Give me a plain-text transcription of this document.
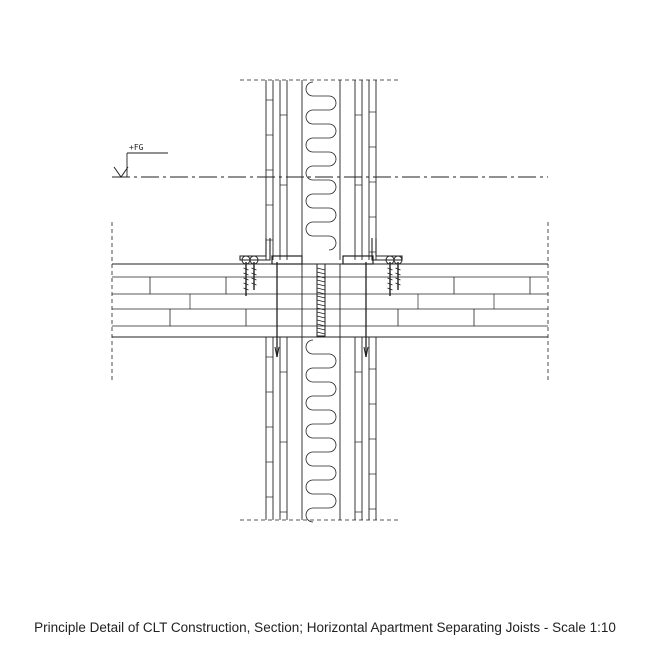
+FG
Principle Detail of CLT Construction, Section; Horizontal Apartment Separating Joists - Scale 1:10
